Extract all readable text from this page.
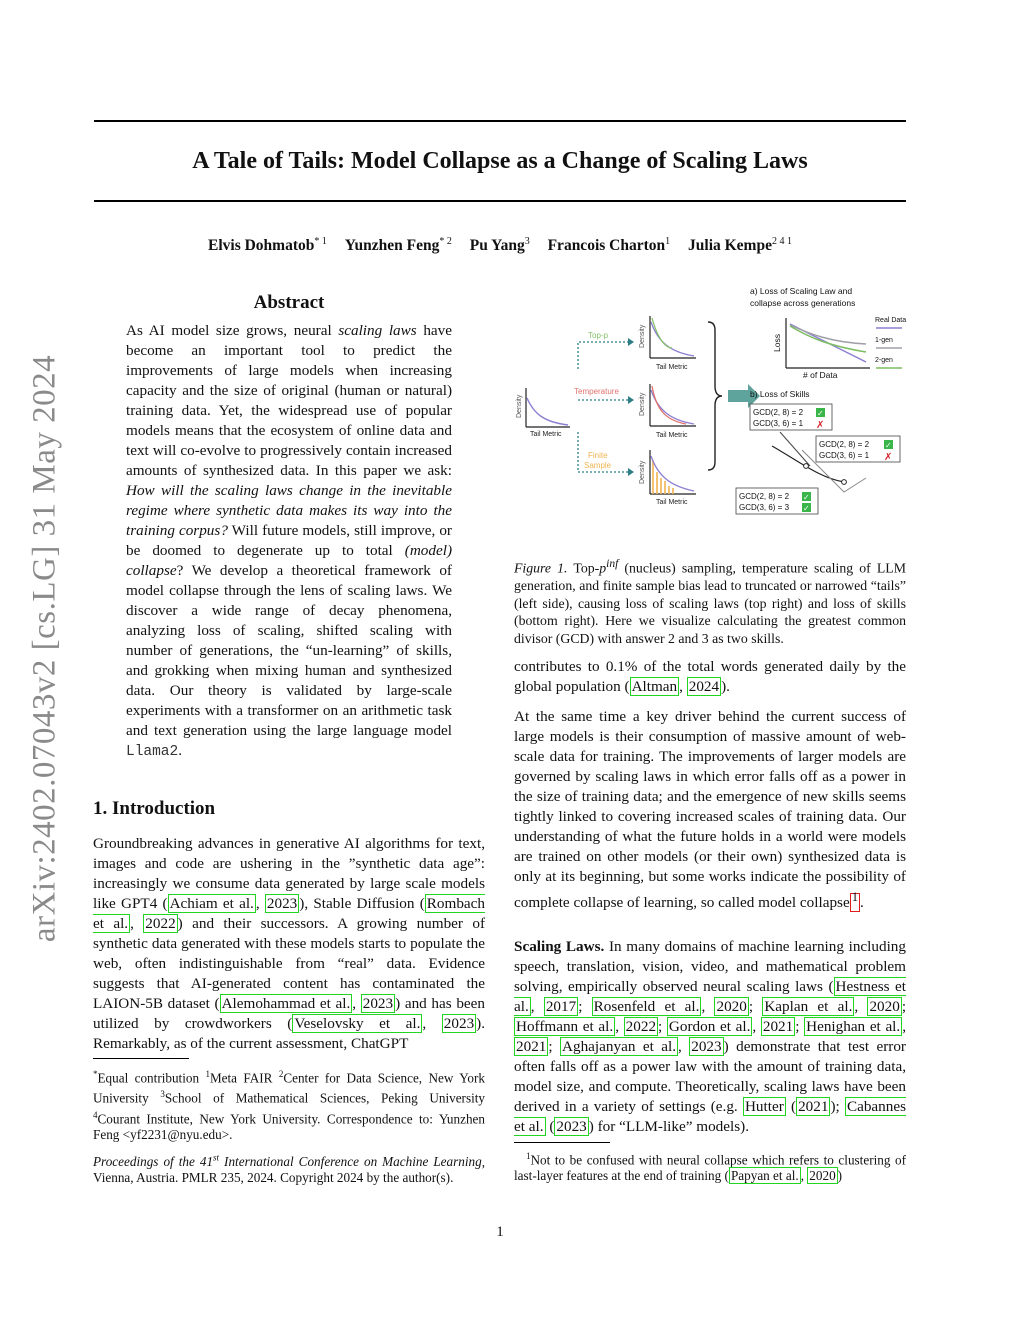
A Tale of Tails: Model Collapse as a Change of Scaling Laws
Elvis Dohmatob$^{* 1}$ Yunzhen Feng$^{* 2}$ Pu Yang$^3$ Francois Charton$^1$ Julia Kempe$^{2 4 1}$
arXiv:2402.07043v2 [cs.LG] 31 May 2024
Abstract
As AI model size grows, neural scaling laws have become an important tool to predict the improvements of large models when increasing capacity and the size of original (human or natural) training data. Yet, the widespread use of popular models means that the ecosystem of online data and text will co-evolve to progressively contain increased amounts of synthesized data. In this paper we ask: How will the scaling laws change in the inevitable regime where synthetic data makes its way into the training corpus? Will future models, still improve, or be doomed to degenerate up to total (model) collapse? We develop a theoretical framework of model collapse through the lens of scaling laws. We discover a wide range of decay phenomena, analyzing loss of scaling, shifted scaling with number of generations, the “un-learning” of skills, and grokking when mixing human and synthesized data. Our theory is validated by large-scale experiments with a transformer on an arithmetic task and text generation using the large language model Llama2.
1. Introduction
Groundbreaking advances in generative AI algorithms for text, images and code are ushering in the ”synthetic data age”: increasingly we consume data generated by large scale models like GPT4 ( Achiam et al. , 2023 ), Stable Diffusion ( Rombach et al. , 2022 ) and their successors. A growing number of synthetic data generated with these models starts to populate the web, often indistinguishable from “real” data. Evidence suggests that AI-generated content has contaminated the LAION-5B dataset ( Alemohammad et al. , 2023 ) and has been utilized by crowdworkers ( Veselovsky et al. , 2023 ). Remarkably, as of the current assessment, ChatGPT
*Equal contribution $^1$Meta FAIR $^2$Center for Data Science, New York University $^3$School of Mathematical Sciences, Peking University $^4$Courant Institute, New York University. Correspondence to: Yunzhen Feng <yf2231@nyu.edu>.
Proceedings of the 41st International Conference on Machine Learning, Vienna, Austria. PMLR 235, 2024. Copyright 2024 by the author(s).
Density
Tail Metric
Top-p
Temperature
Finite
Sample
Density
Tail Metric
Density
Tail Metric
Density
Tail Metric
a) Loss of Scaling Law and
collapse across generations
Loss
# of Data
Real Data
1-gen
2-gen
b) Loss of Skills
GCD(2, 8) = 2
GCD(3, 6) = 1
✓
✗
GCD(2, 8) = 2
GCD(3, 6) = 1
✓
✗
GCD(2, 8) = 2
GCD(3, 6) = 3
✓
✓
Figure 1. Top-$p^{inf}$ (nucleus) sampling, temperature scaling of LLM generation, and finite sample bias lead to truncated or narrowed “tails” (left side), causing loss of scaling laws (top right) and loss of skills (bottom right). Here we visualize calculating the greatest common divisor (GCD) with answer 2 and 3 as two skills.
contributes to 0.1% of the total words generated daily by the global population ( Altman , 2024 ).
At the same time a key driver behind the current success of large models is their consumption of massive amount of web-scale data for training. The improvements of larger models are governed by scaling laws in which error falls off as a power in the size of training data; and the emergence of new skills seems tightly linked to covering increased scales of training data. Our understanding of what the future holds in a world were models are trained on other models (or their own) synthesized data is only at its beginning, but some works indicate the possibility of complete collapse of learning, so called model collapse $^1$ .
Scaling Laws. In many domains of machine learning including speech, translation, vision, video, and mathematical problem solving, empirically observed neural scaling laws ( Hestness et al. , 2017 ; Rosenfeld et al. , 2020 ; Kaplan et al. , 2020 ; Hoffmann et al. , 2022 ; Gordon et al. , 2021 ; Henighan et al. , 2021 ; Aghajanyan et al. , 2023 ) demonstrate that test error often falls off as a power law with the amount of training data, model size, and compute. Theoretically, scaling laws have been derived in a variety of settings (e.g. Hutter ( 2021 ); Cabannes et al. ( 2023 ) for “LLM-like” models).
$^1$Not to be confused with neural collapse which refers to clustering of last-layer features at the end of training ( Papyan et al. , 2020 )
1
